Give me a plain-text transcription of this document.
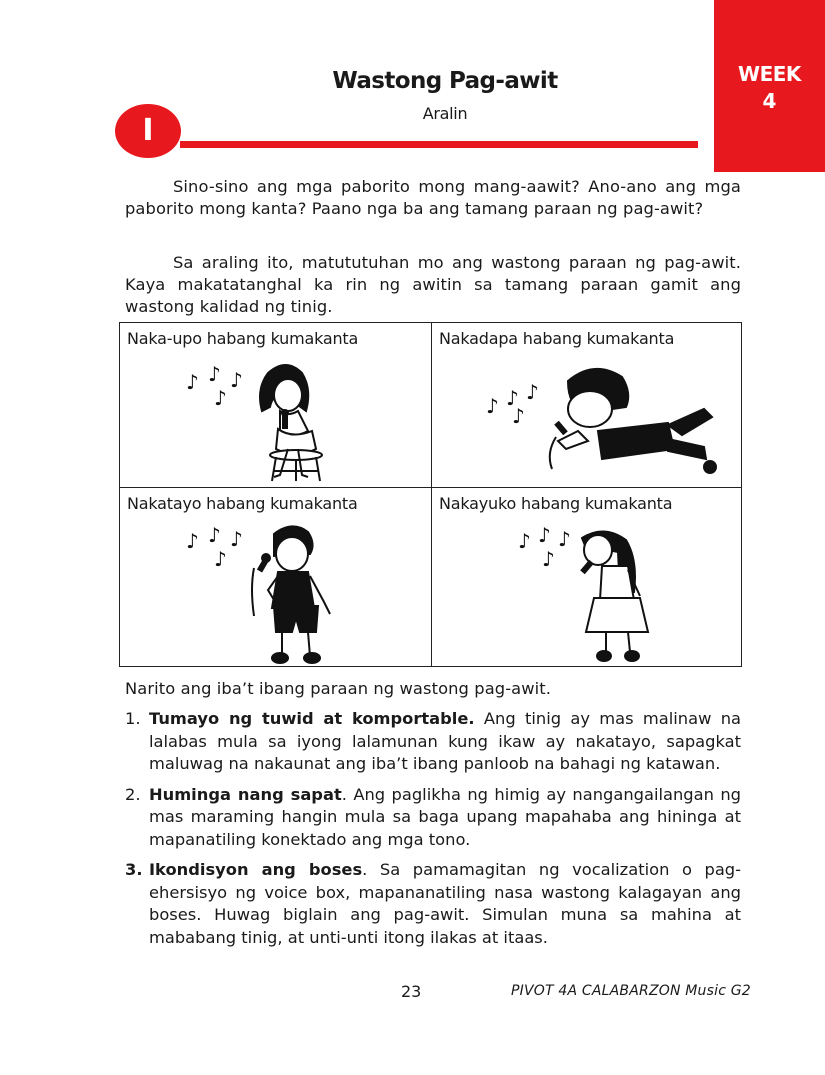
WEEK
4
Wastong Pag-awit
Aralin
I
Sino-sino ang mga paborito mong mang-aawit? Ano-ano ang mga paborito mong kanta? Paano nga ba ang tamang paraan ng pag-awit?
Sa araling ito, matututuhan mo ang wastong paraan ng pag-awit. Kaya makatatanghal ka rin ng awitin sa tamang paraan gamit ang wastong kalidad ng tinig.
Naka-upo habang kumakanta
♪ ♪ ♪
♪
Nakadapa habang kumakanta
♪ ♪ ♪
♪
Nakatayo habang kumakanta
♪ ♪ ♪
♪
Nakayuko habang kumakanta
♪ ♪ ♪
♪
Narito ang iba’t ibang paraan ng wastong pag-awit.
1. Tumayo ng tuwid at komportable. Ang tinig ay mas malinaw na lalabas mula sa iyong lalamunan kung ikaw ay nakatayo, sapagkat maluwag na nakaunat ang iba’t ibang panloob na bahagi ng katawan.
2. Huminga nang sapat. Ang paglikha ng himig ay nangangailangan ng mas maraming hangin mula sa baga upang mapahaba ang hininga at mapanatiling konektado ang mga tono.
3. Ikondisyon ang boses. Sa pamamagitan ng vocalization o pag-ehersisyo ng voice box, mapananatiling nasa wastong kalagayan ang boses. Huwag biglain ang pag-awit. Simulan muna sa mahina at mababang tinig, at unti-unti itong ilakas at itaas.
23	PIVOT 4A CALABARZON Music G2
